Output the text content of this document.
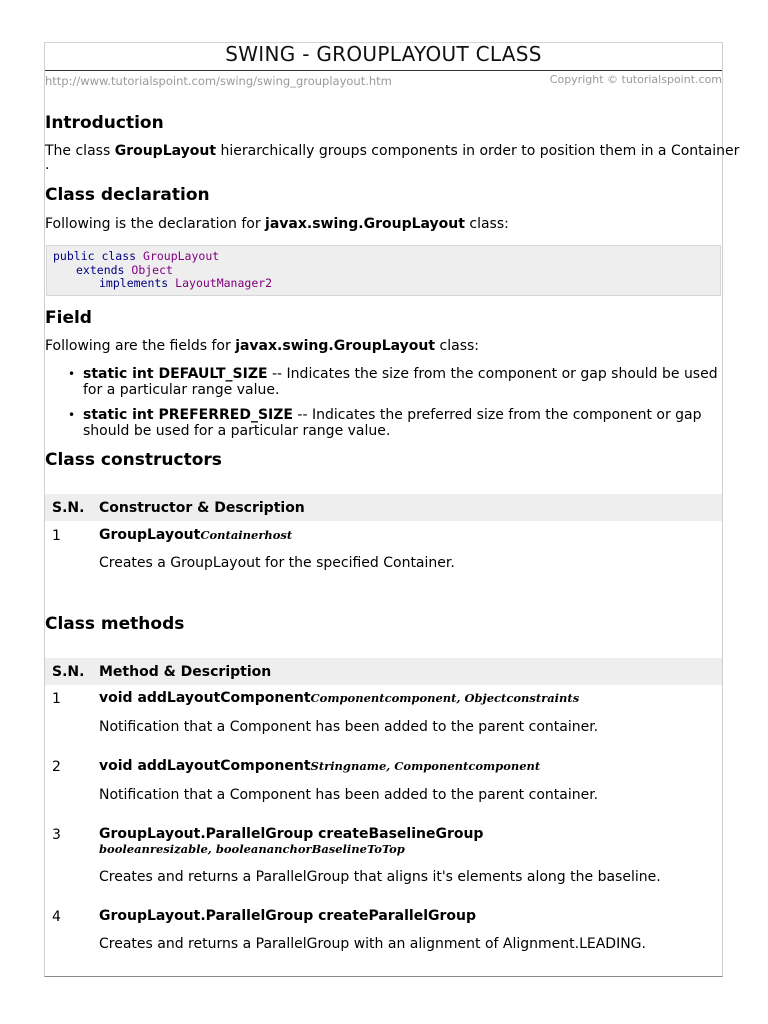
SWING - GROUPLAYOUT CLASS
http://www.tutorialspoint.com/swing/swing_grouplayout.htm	Copyright © tutorialspoint.com
Introduction
The class GroupLayout hierarchically groups components in order to position them in a Container
.
Class declaration
Following is the declaration for javax.swing.GroupLayout class:
public class GroupLayout
extends Object
implements LayoutManager2
Field
Following are the fields for javax.swing.GroupLayout class:
• static int DEFAULT_SIZE -- Indicates the size from the component or gap should be used for a particular range value.
• static int PREFERRED_SIZE -- Indicates the preferred size from the component or gap should be used for a particular range value.
Class constructors
S.N. Constructor & Description
1	GroupLayoutContainerhost
Creates a GroupLayout for the specified Container.
Class methods
S.N. Method & Description
1	void addLayoutComponentComponentcomponent, Objectconstraints
Notification that a Component has been added to the parent container.
2	void addLayoutComponentStringname, Componentcomponent
Notification that a Component has been added to the parent container.
3	GroupLayout.ParallelGroup createBaselineGroup
booleanresizable, booleananchorBaselineToTop
Creates and returns a ParallelGroup that aligns it's elements along the baseline.
4	GroupLayout.ParallelGroup createParallelGroup
Creates and returns a ParallelGroup with an alignment of Alignment.LEADING.
